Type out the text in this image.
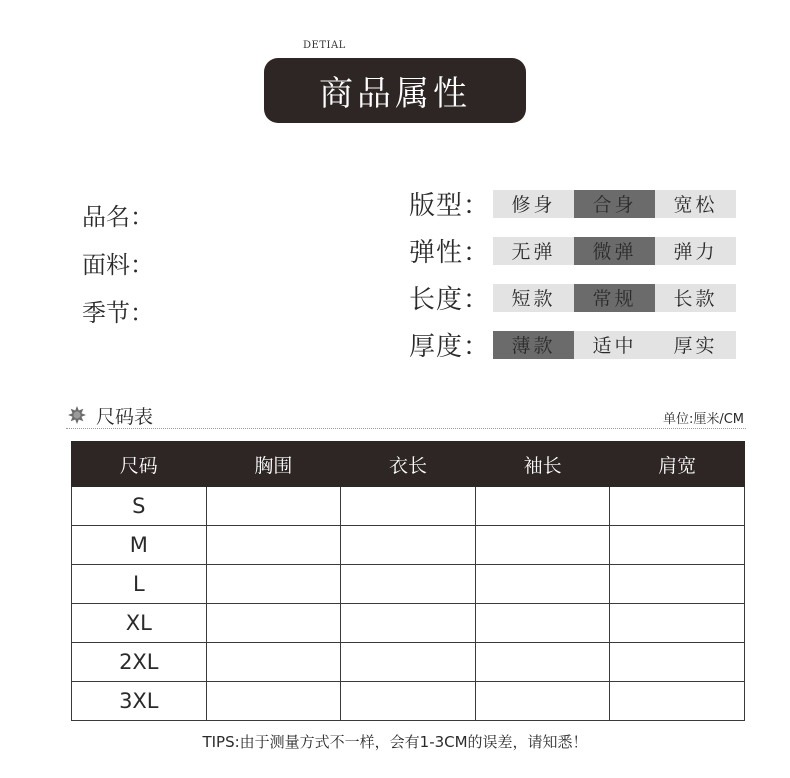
DETIAL
商品属性
品名：
面料：
季节：
版型：	修身	合身	宽松
弹性：	无弹	微弹	弹力
长度：	短款	常规	长款
厚度：	薄款	适中	厚实
尺码表	单位:厘米/CM
尺码	胸围	衣长	袖长	肩宽
S				
M				
L				
XL				
2XL				
3XL				
TIPS:由于测量方式不一样，会有1-3CM的误差，请知悉！
